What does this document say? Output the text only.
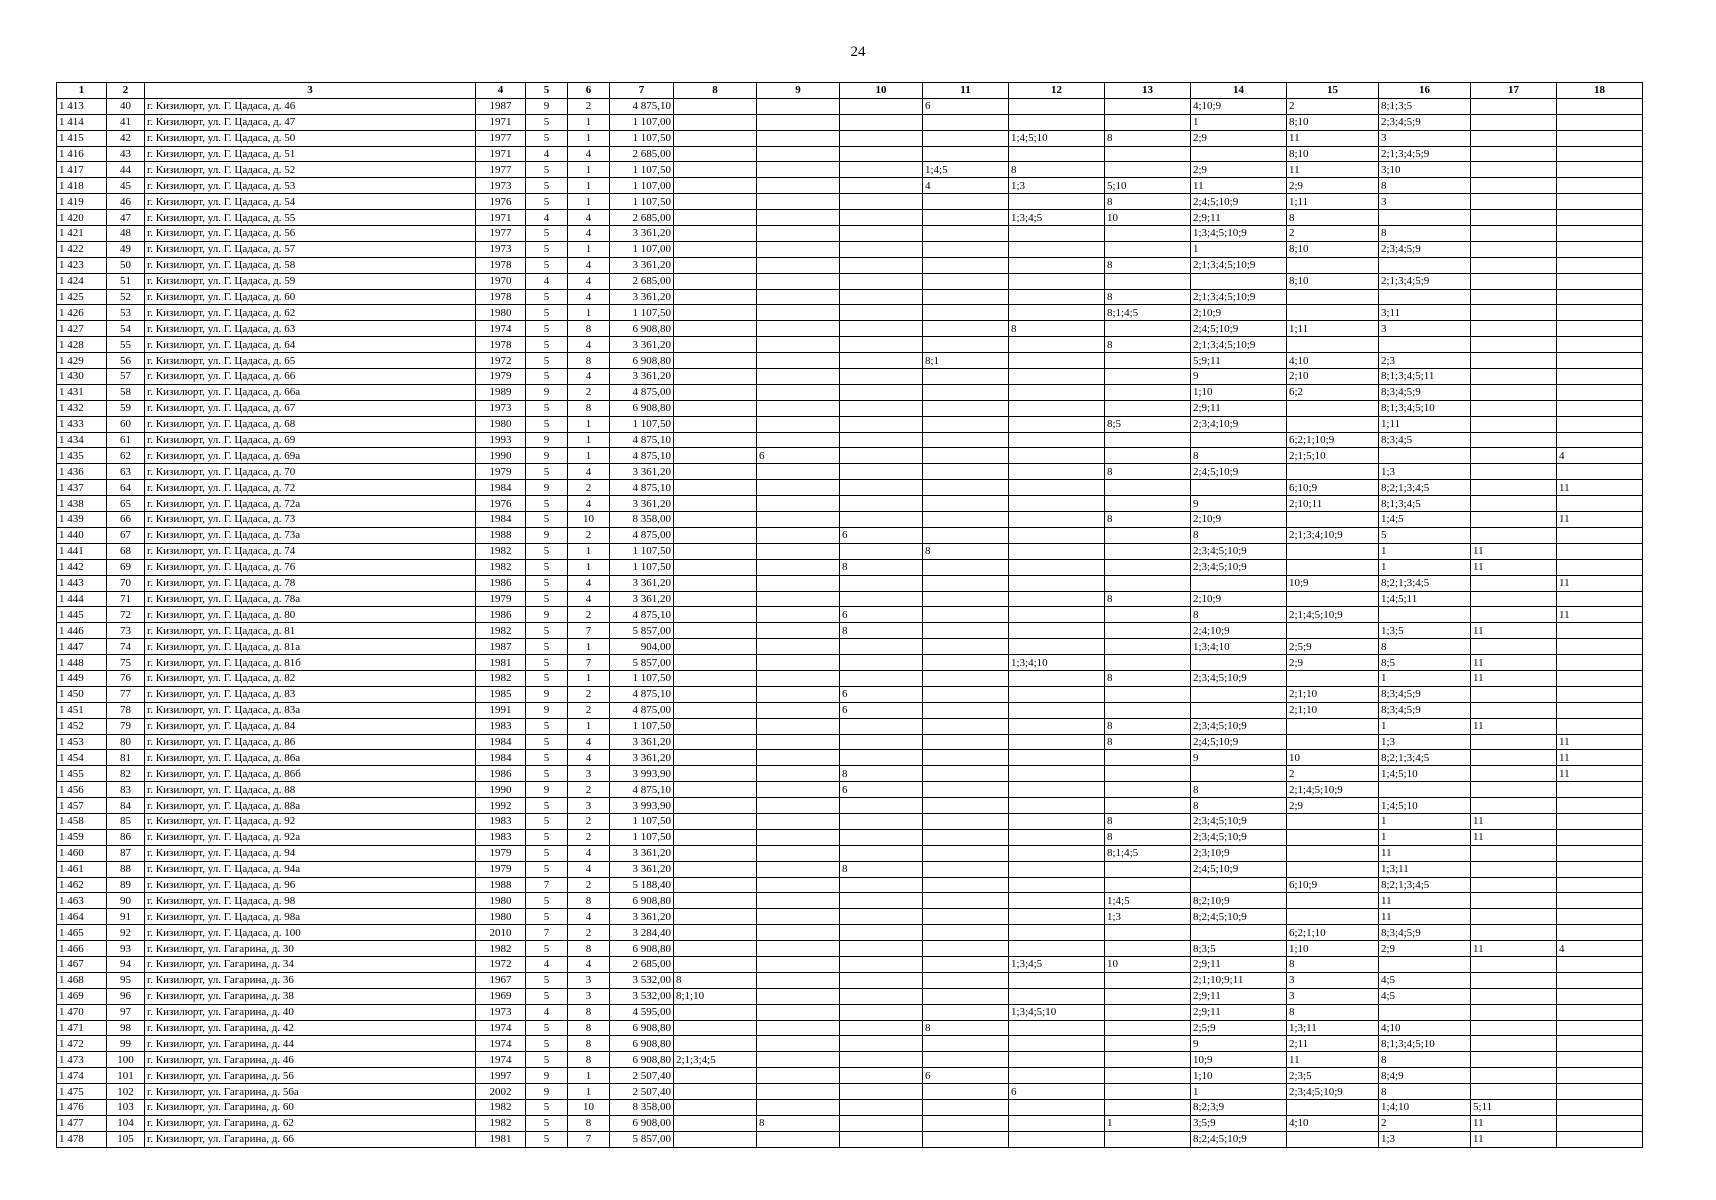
24
1	2	3	4	5	6	7	8	9	10	11	12	13	14	15	16	17	18
1 413	40	г. Кизилюрт, ул. Г. Цадаса, д. 46	1987	9	2	4 875,10				6			4;10;9	2	8;1;3;5		
1 414	41	г. Кизилюрт, ул. Г. Цадаса, д. 47	1971	5	1	1 107,00							1	8;10	2;3;4;5;9		
1 415	42	г. Кизилюрт, ул. Г. Цадаса, д. 50	1977	5	1	1 107,50					1;4;5;10	8	2;9	11	3		
1 416	43	г. Кизилюрт, ул. Г. Цадаса, д. 51	1971	4	4	2 685,00								8;10	2;1;3;4;5;9		
1 417	44	г. Кизилюрт, ул. Г. Цадаса, д. 52	1977	5	1	1 107,50				1;4;5	8		2;9	11	3;10		
1 418	45	г. Кизилюрт, ул. Г. Цадаса, д. 53	1973	5	1	1 107,00				4	1;3	5;10	11	2;9	8		
1 419	46	г. Кизилюрт, ул. Г. Цадаса, д. 54	1976	5	1	1 107,50						8	2;4;5;10;9	1;11	3		
1 420	47	г. Кизилюрт, ул. Г. Цадаса, д. 55	1971	4	4	2 685,00					1;3;4;5	10	2;9;11	8			
1 421	48	г. Кизилюрт, ул. Г. Цадаса, д. 56	1977	5	4	3 361,20							1;3;4;5;10;9	2	8		
1 422	49	г. Кизилюрт, ул. Г. Цадаса, д. 57	1973	5	1	1 107,00							1	8;10	2;3;4;5;9		
1 423	50	г. Кизилюрт, ул. Г. Цадаса, д. 58	1978	5	4	3 361,20						8	2;1;3;4;5;10;9				
1 424	51	г. Кизилюрт, ул. Г. Цадаса, д. 59	1970	4	4	2 685,00								8;10	2;1;3;4;5;9		
1 425	52	г. Кизилюрт, ул. Г. Цадаса, д. 60	1978	5	4	3 361,20						8	2;1;3;4;5;10;9				
1 426	53	г. Кизилюрт, ул. Г. Цадаса, д. 62	1980	5	1	1 107,50						8;1;4;5	2;10;9		3;11		
1 427	54	г. Кизилюрт, ул. Г. Цадаса, д. 63	1974	5	8	6 908,80					8		2;4;5;10;9	1;11	3		
1 428	55	г. Кизилюрт, ул. Г. Цадаса, д. 64	1978	5	4	3 361,20						8	2;1;3;4;5;10;9				
1 429	56	г. Кизилюрт, ул. Г. Цадаса, д. 65	1972	5	8	6 908,80				8;1			5;9;11	4;10	2;3		
1 430	57	г. Кизилюрт, ул. Г. Цадаса, д. 66	1979	5	4	3 361,20							9	2;10	8;1;3;4;5;11		
1 431	58	г. Кизилюрт, ул. Г. Цадаса, д. 66а	1989	9	2	4 875,00							1;10	6;2	8;3;4;5;9		
1 432	59	г. Кизилюрт, ул. Г. Цадаса, д. 67	1973	5	8	6 908,80							2;9;11		8;1;3;4;5;10		
1 433	60	г. Кизилюрт, ул. Г. Цадаса, д. 68	1980	5	1	1 107,50						8;5	2;3;4;10;9		1;11		
1 434	61	г. Кизилюрт, ул. Г. Цадаса, д. 69	1993	9	1	4 875,10								6;2;1;10;9	8;3;4;5		
1 435	62	г. Кизилюрт, ул. Г. Цадаса, д. 69а	1990	9	1	4 875,10		6					8	2;1;5;10			4
1 436	63	г. Кизилюрт, ул. Г. Цадаса, д. 70	1979	5	4	3 361,20						8	2;4;5;10;9		1;3		
1 437	64	г. Кизилюрт, ул. Г. Цадаса, д. 72	1984	9	2	4 875,10								6;10;9	8;2;1;3;4;5		11
1 438	65	г. Кизилюрт, ул. Г. Цадаса, д. 72а	1976	5	4	3 361,20							9	2;10;11	8;1;3;4;5		
1 439	66	г. Кизилюрт, ул. Г. Цадаса, д. 73	1984	5	10	8 358,00						8	2;10;9		1;4;5		11
1 440	67	г. Кизилюрт, ул. Г. Цадаса, д. 73а	1988	9	2	4 875,00			6				8	2;1;3;4;10;9	5		
1 441	68	г. Кизилюрт, ул. Г. Цадаса, д. 74	1982	5	1	1 107,50				8			2;3;4;5;10;9		1	11	
1 442	69	г. Кизилюрт, ул. Г. Цадаса, д. 76	1982	5	1	1 107,50			8				2;3;4;5;10;9		1	11	
1 443	70	г. Кизилюрт, ул. Г. Цадаса, д. 78	1986	5	4	3 361,20								10;9	8;2;1;3;4;5		11
1 444	71	г. Кизилюрт, ул. Г. Цадаса, д. 78а	1979	5	4	3 361,20						8	2;10;9		1;4;5;11		
1 445	72	г. Кизилюрт, ул. Г. Цадаса, д. 80	1986	9	2	4 875,10			6				8	2;1;4;5;10;9			11
1 446	73	г. Кизилюрт, ул. Г. Цадаса, д. 81	1982	5	7	5 857,00			8				2;4;10;9		1;3;5	11	
1 447	74	г. Кизилюрт, ул. Г. Цадаса, д. 81а	1987	5	1	904,00							1;3;4;10	2;5;9	8		
1 448	75	г. Кизилюрт, ул. Г. Цадаса, д. 81б	1981	5	7	5 857,00					1;3;4;10			2;9	8;5	11	
1 449	76	г. Кизилюрт, ул. Г. Цадаса, д. 82	1982	5	1	1 107,50						8	2;3;4;5;10;9		1	11	
1 450	77	г. Кизилюрт, ул. Г. Цадаса, д. 83	1985	9	2	4 875,10			6					2;1;10	8;3;4;5;9		
1 451	78	г. Кизилюрт, ул. Г. Цадаса, д. 83а	1991	9	2	4 875,00			6					2;1;10	8;3;4;5;9		
1 452	79	г. Кизилюрт, ул. Г. Цадаса, д. 84	1983	5	1	1 107,50						8	2;3;4;5;10;9		1	11	
1 453	80	г. Кизилюрт, ул. Г. Цадаса, д. 86	1984	5	4	3 361,20						8	2;4;5;10;9		1;3		11
1 454	81	г. Кизилюрт, ул. Г. Цадаса, д. 86а	1984	5	4	3 361,20							9	10	8;2;1;3;4;5		11
1 455	82	г. Кизилюрт, ул. Г. Цадаса, д. 86б	1986	5	3	3 993,90			8					2	1;4;5;10		11
1 456	83	г. Кизилюрт, ул. Г. Цадаса, д. 88	1990	9	2	4 875,10			6				8	2;1;4;5;10;9			
1 457	84	г. Кизилюрт, ул. Г. Цадаса, д. 88а	1992	5	3	3 993,90							8	2;9	1;4;5;10		
1 458	85	г. Кизилюрт, ул. Г. Цадаса, д. 92	1983	5	2	1 107,50						8	2;3;4;5;10;9		1	11	
1 459	86	г. Кизилюрт, ул. Г. Цадаса, д. 92а	1983	5	2	1 107,50						8	2;3;4;5;10;9		1	11	
1 460	87	г. Кизилюрт, ул. Г. Цадаса, д. 94	1979	5	4	3 361,20						8;1;4;5	2;3;10;9		11		
1 461	88	г. Кизилюрт, ул. Г. Цадаса, д. 94а	1979	5	4	3 361,20			8				2;4;5;10;9		1;3;11		
1 462	89	г. Кизилюрт, ул. Г. Цадаса, д. 96	1988	7	2	5 188,40								6;10;9	8;2;1;3;4;5		
1 463	90	г. Кизилюрт, ул. Г. Цадаса, д. 98	1980	5	8	6 908,80						1;4;5	8;2;10;9		11		
1 464	91	г. Кизилюрт, ул. Г. Цадаса, д. 98а	1980	5	4	3 361,20						1;3	8;2;4;5;10;9		11		
1 465	92	г. Кизилюрт, ул. Г. Цадаса, д. 100	2010	7	2	3 284,40								6;2;1;10	8;3;4;5;9		
1 466	93	г. Кизилюрт, ул. Гагарина, д. 30	1982	5	8	6 908,80							8;3;5	1;10	2;9	11	4
1 467	94	г. Кизилюрт, ул. Гагарина, д. 34	1972	4	4	2 685,00					1;3;4;5	10	2;9;11	8			
1 468	95	г. Кизилюрт, ул. Гагарина, д. 36	1967	5	3	3 532,00	8						2;1;10;9;11	3	4;5		
1 469	96	г. Кизилюрт, ул. Гагарина, д. 38	1969	5	3	3 532,00	8;1;10						2;9;11	3	4;5		
1 470	97	г. Кизилюрт, ул. Гагарина, д. 40	1973	4	8	4 595,00					1;3;4;5;10		2;9;11	8			
1 471	98	г. Кизилюрт, ул. Гагарина, д. 42	1974	5	8	6 908,80				8			2;5;9	1;3;11	4;10		
1 472	99	г. Кизилюрт, ул. Гагарина, д. 44	1974	5	8	6 908,80							9	2;11	8;1;3;4;5;10		
1 473	100	г. Кизилюрт, ул. Гагарина, д. 46	1974	5	8	6 908,80	2;1;3;4;5						10;9	11	8		
1 474	101	г. Кизилюрт, ул. Гагарина, д. 56	1997	9	1	2 507,40				6			1;10	2;3;5	8;4;9		
1 475	102	г. Кизилюрт, ул. Гагарина, д. 56а	2002	9	1	2 507,40					6		1	2;3;4;5;10;9	8		
1 476	103	г. Кизилюрт, ул. Гагарина, д. 60	1982	5	10	8 358,00							8;2;3;9		1;4;10	5;11	
1 477	104	г. Кизилюрт, ул. Гагарина, д. 62	1982	5	8	6 908,00		8				1	3;5;9	4;10	2	11	
1 478	105	г. Кизилюрт, ул. Гагарина, д. 66	1981	5	7	5 857,00							8;2;4;5;10;9		1;3	11	
